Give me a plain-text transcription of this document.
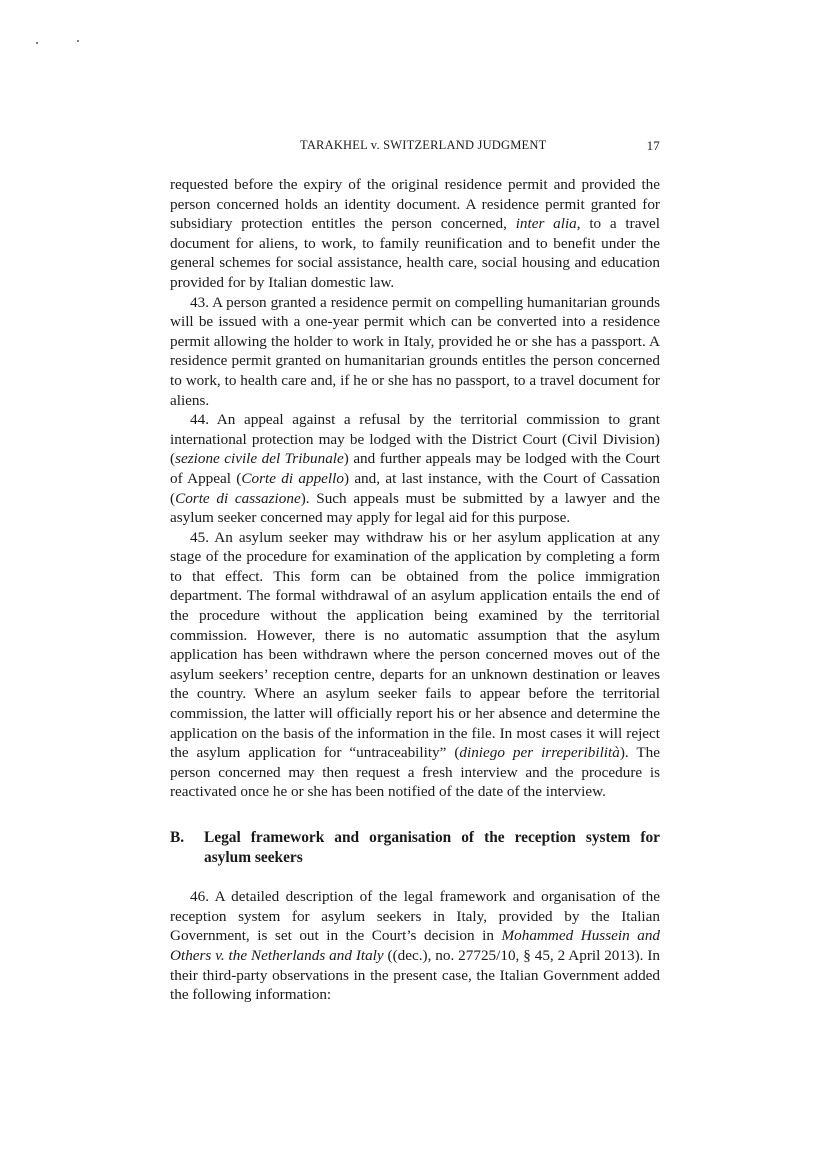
TARAKHEL v. SWITZERLAND JUDGMENT	17

requested before the expiry of the original residence permit and provided the person concerned holds an identity document. A residence permit granted for subsidiary protection entitles the person concerned, inter alia, to a travel document for aliens, to work, to family reunification and to benefit under the general schemes for social assistance, health care, social housing and education provided for by Italian domestic law.

43. A person granted a residence permit on compelling humanitarian grounds will be issued with a one-year permit which can be converted into a residence permit allowing the holder to work in Italy, provided he or she has a passport. A residence permit granted on humanitarian grounds entitles the person concerned to work, to health care and, if he or she has no passport, to a travel document for aliens.

44. An appeal against a refusal by the territorial commission to grant international protection may be lodged with the District Court (Civil Division) (sezione civile del Tribunale) and further appeals may be lodged with the Court of Appeal (Corte di appello) and, at last instance, with the Court of Cassation (Corte di cassazione). Such appeals must be submitted by a lawyer and the asylum seeker concerned may apply for legal aid for this purpose.

45. An asylum seeker may withdraw his or her asylum application at any stage of the procedure for examination of the application by completing a form to that effect. This form can be obtained from the police immigration department. The formal withdrawal of an asylum application entails the end of the procedure without the application being examined by the territorial commission. However, there is no automatic assumption that the asylum application has been withdrawn where the person concerned moves out of the asylum seekers’ reception centre, departs for an unknown destination or leaves the country. Where an asylum seeker fails to appear before the territorial commission, the latter will officially report his or her absence and determine the application on the basis of the information in the file. In most cases it will reject the asylum application for “untraceability” (diniego per irreperibilità). The person concerned may then request a fresh interview and the procedure is reactivated once he or she has been notified of the date of the interview.

B. Legal framework and organisation of the reception system for asylum seekers

46. A detailed description of the legal framework and organisation of the reception system for asylum seekers in Italy, provided by the Italian Government, is set out in the Court’s decision in Mohammed Hussein and Others v. the Netherlands and Italy ((dec.), no. 27725/10, § 45, 2 April 2013). In their third-party observations in the present case, the Italian Government added the following information:
